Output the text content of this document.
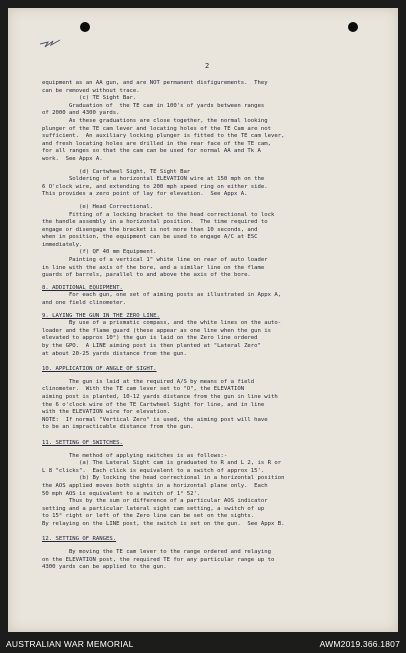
2

equipment as an AA gun, and are NOT permanent disfigurements.  They

can be removed without trace.

(c) TE Sight Bar.

Graduation of  the TE cam in 100's of yards between ranges

of 2000 and 4300 yards.

As these graduations are close together, the normal looking

plunger of the TE cam lever and locating holes of the TE Cam are not

sufficient.  An auxiliary locking plunger is fitted to the TE cam lever,

and fresh locating holes are drilled in the rear face of the TE cam,

for all ranges so that the cam can be used for normal AA and Tk A

work.  See Appx A.

(d) Cartwheel Sight, TE Sight Bar

Soldering of a horizontal ELEVATION wire at 150 mph on the

6 O'clock wire, and extending to 200 mph speed ring on either side.

This provides a zero point of lay for elevation.  See Appx A.

(e) Head Correctional.

Fitting of a locking bracket to the head correctional to lock

the handle assembly in a horizontal position.  The time required to

engage or disengage the bracket is not more than 10 seconds, and

when in position, the equipment can be used to engage A/C at ESC

immediately.

(f) QF 40 mm Equipment.

Painting of a vertical 1" white line on rear of auto loader

in line with the axis of the bore, and a similar line on the flame

guards of barrels, parallel to and above the axis of the bore.

8. ADDITIONAL EQUIPMENT.

For each gun, one set of aiming posts as illustrated in Appx A,

and one field clinometer.

9. LAYING THE GUN IN THE ZERO LINE.

By use of a prismatic compass, and the white lines on the auto-

loader and the flame guard (these appear as one line when the gun is

elevated to approx 10°) the gun is laid on the Zero line ordered

by the GPO.  A LINE aiming post is then planted at "Lateral Zero"

at about 20-25 yards distance from the gun.

10. APPLICATION OF ANGLE OF SIGHT.

The gun is laid at the required A/S by means of a field

clinometer.  With the TE cam lever set to "O", the ELEVATION

aiming post is planted, 10-12 yards distance from the gun in line with

the 6 o'clock wire of the TE Cartwheel Sight for line, and in line

with the ELEVATION wire for elevation.

NOTE:  If normal "Vertical Zero" is used, the aiming post will have

to be an impracticable distance from the gun.

11. SETTING OF SWITCHES.

The method of applying switches is as follows:-

(a) The Lateral Sight cam is graduated to R and L 2, is R or

L 8 "clicks".  Each click is equivalent to a switch of approx 15'.

(b) By locking the head correctional in a horizontal position

the AOS applied moves both sights in a horizontal plane only.  Each

50 mph AOS is equivalent to a switch of 1° 52'.

Thus by the sum or difference of a particular AOS indicator

setting and a particular lateral sight cam setting, a switch of up

to 15° right or left of the Zero line can be set on the sights.

By relaying on the LINE post, the switch is set on the gun.  See Appx B.

12. SETTING OF RANGES.

By moving the TE cam lever to the range ordered and relaying

on the ELEVATION post, the required TE for any particular range up to

4300 yards can be applied to the gun.

AUSTRALIAN WAR MEMORIAL	AWM2019.366.1807
